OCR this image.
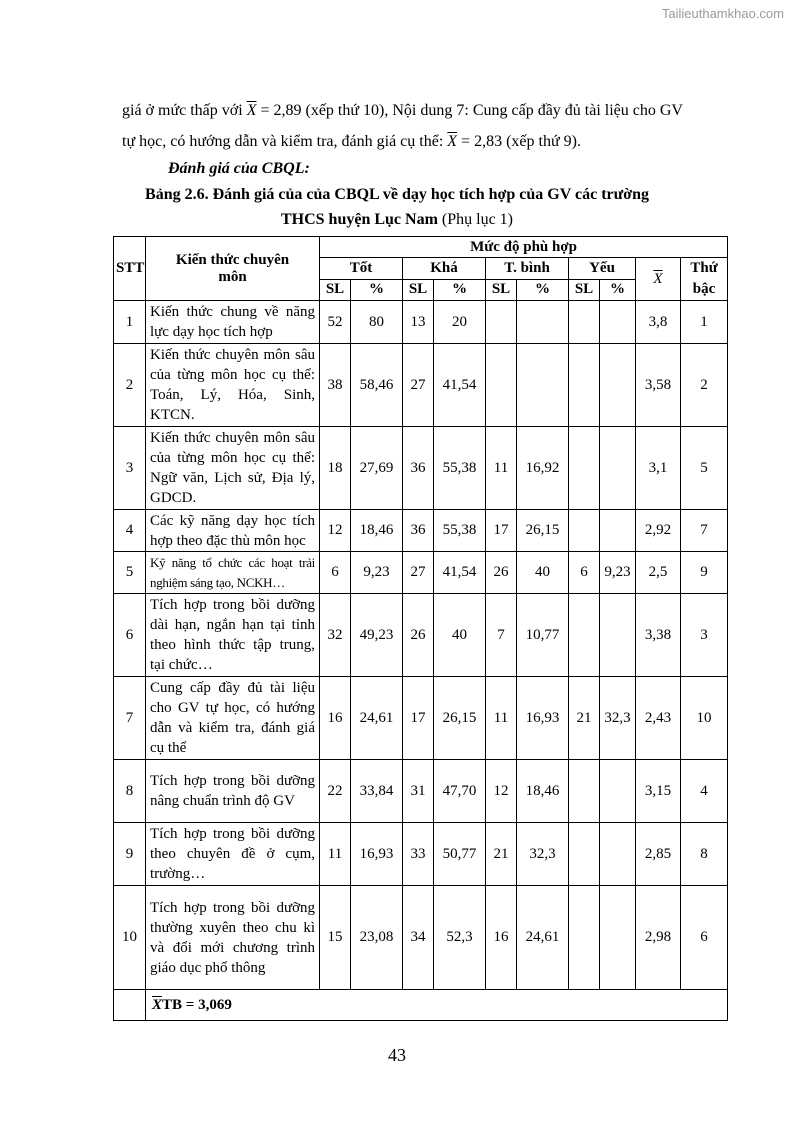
Tailieuthamkhao.com
giá ở mức thấp với $\overline{X} = 2,89$ (xếp thứ 10), Nội dung 7: Cung cấp đầy đủ tài liệu cho GV
tự học, có hướng dẫn và kiểm tra, đánh giá cụ thể: $\overline{X} = 2,83$ (xếp thứ 9).
Đánh giá của CBQL:
Bảng 2.6. Đánh giá của của CBQL về dạy học tích hợp của GV các trường
THCS huyện Lục Nam (Phụ lục 1)
STT	Kiến thức chuyên môn	Mức độ phù hợp									
		Tốt		Khá		T. bình		Yếu		$\overline{X}$	Thứ bậc
		SL	%	SL	%	SL	%	SL	%		
1	Kiến thức chung về năng lực dạy học tích hợp	52	80	13	20					3,8	1
2	Kiến thức chuyên môn sâu của từng môn học cụ thể: Toán, Lý, Hóa, Sinh, KTCN.	38	58,46	27	41,54					3,58	2
3	Kiến thức chuyên môn sâu của từng môn học cụ thể: Ngữ văn, Lịch sử, Địa lý, GDCD.	18	27,69	36	55,38	11	16,92			3,1	5
4	Các kỹ năng dạy học tích hợp theo đặc thù môn học	12	18,46	36	55,38	17	26,15			2,92	7
5	Kỹ năng tổ chức các hoạt trải nghiệm sáng tạo, NCKH…	6	9,23	27	41,54	26	40	6	9,23	2,5	9
6	Tích hợp trong bồi dưỡng dài hạn, ngắn hạn tại tỉnh theo hình thức tập trung, tại chức…	32	49,23	26	40	7	10,77			3,38	3
7	Cung cấp đầy đủ tài liệu cho GV tự học, có hướng dẫn và kiểm tra, đánh giá cụ thể	16	24,61	17	26,15	11	16,93	21	32,3	2,43	10
8	Tích hợp trong bồi dưỡng nâng chuẩn trình độ GV	22	33,84	31	47,70	12	18,46			3,15	4
9	Tích hợp trong bồi dưỡng theo chuyên đề ở cụm, trường…	11	16,93	33	50,77	21	32,3			2,85	8
10	Tích hợp trong bồi dưỡng thường xuyên theo chu kì và đổi mới chương trình giáo dục phổ thông	15	23,08	34	52,3	16	24,61			2,98	6
	$\overline{X}TB = 3,069$										
43
